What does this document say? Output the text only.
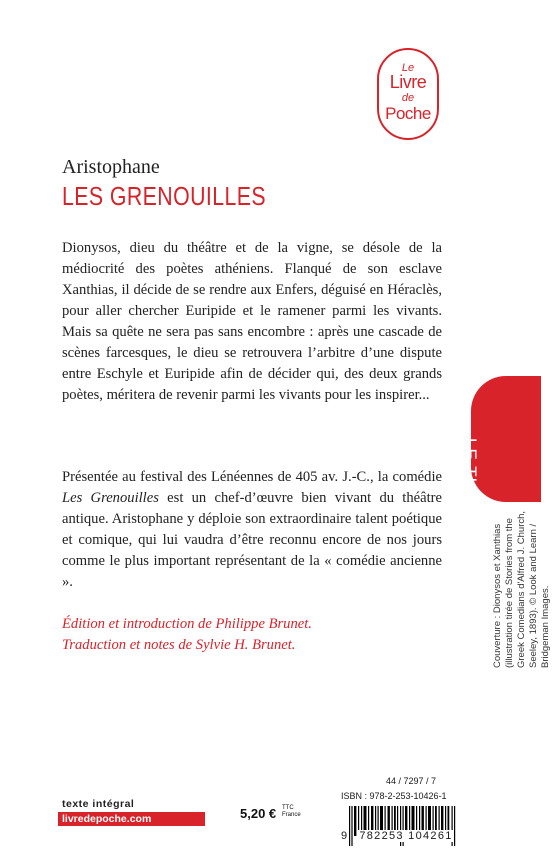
Le
Livre
de
Poche
Aristophane
LES GRENOUILLES

Dionysos, dieu du théâtre et de la vigne, se désole de la médiocrité des poètes athéniens. Flanqué de son esclave Xanthias, il décide de se rendre aux Enfers, déguisé en Héraclès, pour aller chercher Euripide et le ramener parmi les vivants. Mais sa quête ne sera pas sans encombre : après une cascade de scènes farcesques, le dieu se retrouvera l’arbitre d’une dispute entre Eschyle et Euripide afin de décider qui, des deux grands poètes, méritera de revenir parmi les vivants pour les inspirer...

Présentée au festival des Lénéennes de 405 av. J.-C., la comédie Les Grenouilles est un chef-d’œuvre bien vivant du théâtre antique. Aristophane y déploie son extraordinaire talent poétique et comique, qui lui vaudra d’être reconnu encore de nos jours comme le plus important représentant de la « comédie ancienne ».

Édition et introduction de Philippe Brunet.
Traduction et notes de Sylvie H. Brunet.
LE THÉÂTREde Poche	Couverture : Dionysos et Xanthias (illustration tirée de Stories from the Greek Comedians d'Alfred J. Church, Seeley, 1893). © Look and Learn / Bridgeman Images.
texte intégral
livredepoche.com	5,20 € TTC
France
44 / 7297 / 7
ISBN : 978-2-253-10426-1
9 782253 104261
